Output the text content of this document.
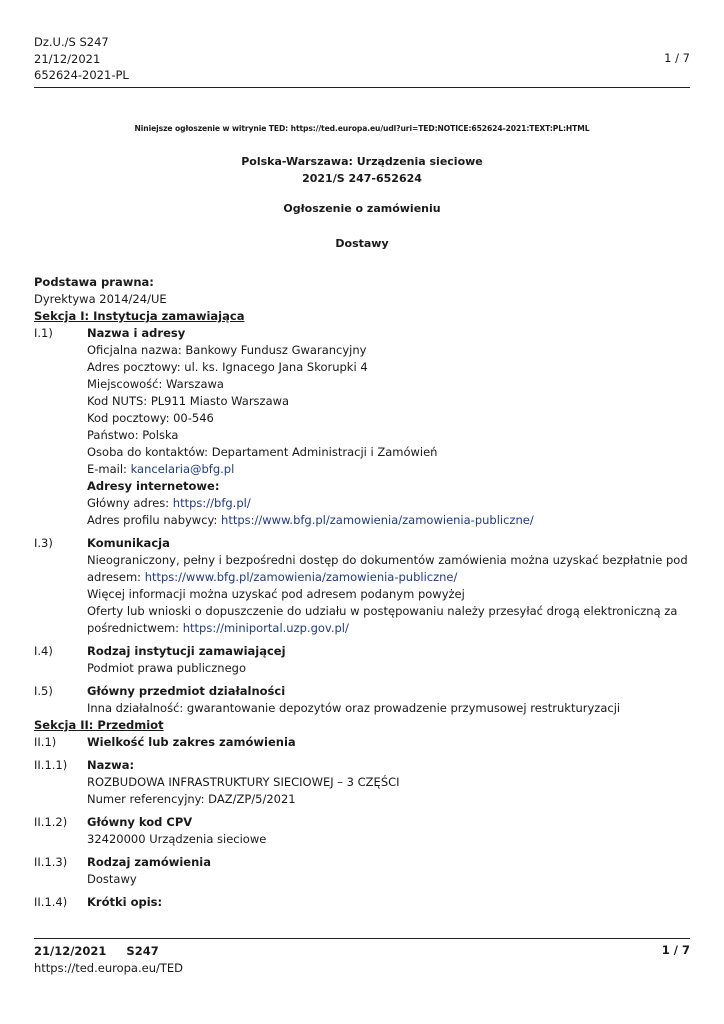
Dz.U./S S247
21/12/2021
652624-2021-PL
1 / 7
Niniejsze ogłoszenie w witrynie TED: https://ted.europa.eu/udl?uri=TED:NOTICE:652624-2021:TEXT:PL:HTML
Polska-Warszawa: Urządzenia sieciowe
2021/S 247-652624
Ogłoszenie o zamówieniu
Dostawy
Podstawa prawna:
Dyrektywa 2014/24/UE
Sekcja I: Instytucja zamawiająca
I.1)	Nazwa i adresy
Oficjalna nazwa: Bankowy Fundusz Gwarancyjny
Adres pocztowy: ul. ks. Ignacego Jana Skorupki 4
Miejscowość: Warszawa
Kod NUTS: PL911 Miasto Warszawa
Kod pocztowy: 00-546
Państwo: Polska
Osoba do kontaktów: Departament Administracji i Zamówień
E-mail: kancelaria@bfg.pl
Adresy internetowe:
Główny adres: https://bfg.pl/
Adres profilu nabywcy: https://www.bfg.pl/zamowienia/zamowienia-publiczne/
I.3)	Komunikacja
Nieograniczony, pełny i bezpośredni dostęp do dokumentów zamówienia można uzyskać bezpłatnie pod
adresem: https://www.bfg.pl/zamowienia/zamowienia-publiczne/
Więcej informacji można uzyskać pod adresem podanym powyżej
Oferty lub wnioski o dopuszczenie do udziału w postępowaniu należy przesyłać drogą elektroniczną za
pośrednictwem: https://miniportal.uzp.gov.pl/
I.4)	Rodzaj instytucji zamawiającej
Podmiot prawa publicznego
I.5)	Główny przedmiot działalności
Inna działalność: gwarantowanie depozytów oraz prowadzenie przymusowej restrukturyzacji
Sekcja II: Przedmiot
II.1)	Wielkość lub zakres zamówienia
II.1.1) Nazwa:
ROZBUDOWA INFRASTRUKTURY SIECIOWEJ – 3 CZĘŚCI
Numer referencyjny: DAZ/ZP/5/2021
II.1.2) Główny kod CPV
32420000 Urządzenia sieciowe
II.1.3) Rodzaj zamówienia
Dostawy
II.1.4) Krótki opis:
21/12/2021 S247
https://ted.europa.eu/TED
1 / 7
